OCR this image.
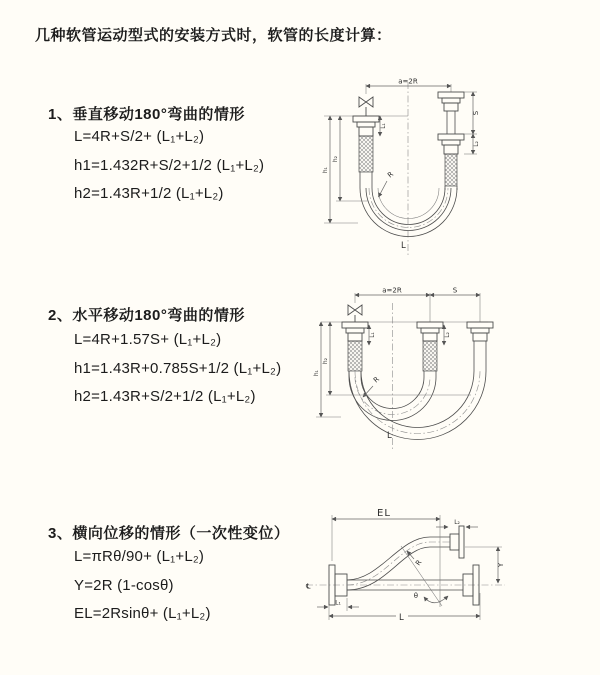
几种软管运动型式的安装方式时，软管的长度计算：
1、垂直移动180°弯曲的情形
L=4R+S/2+ (L₁+L₂)
h1=1.432R+S/2+1/2 (L₁+L₂)
h2=1.43R+1/2 (L₁+L₂)
2、水平移动180°弯曲的情形
L=4R+1.57S+ (L₁+L₂)
h1=1.43R+0.785S+1/2 (L₁+L₂)
h2=1.43R+S/2+1/2 (L₁+L₂)
3、横向位移的情形（一次性变位）
L=πRθ/90+ (L₁+L₂)
Y=2R (1-cosθ)
EL=2Rsinθ+ (L₁+L₂)
a=2R
L₁
S
L₂
R
h₁
h₂
L
a=2R	S
L₁	L₂
R
h₁
h₂
L
℄
EL
L₂
Y
R
θ
L₁
L
